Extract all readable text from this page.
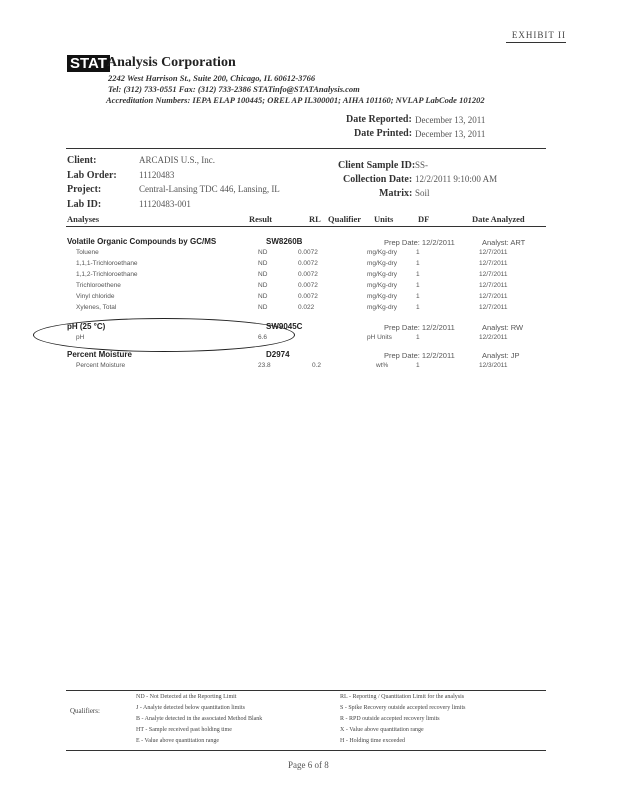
EXHIBIT II
STAT Analysis Corporation
2242 West Harrison St., Suite 200, Chicago, IL 60612-3766
Tel: (312) 733-0551 Fax: (312) 733-2386 STATinfo@STATAnalysis.com
Accreditation Numbers: IEPA ELAP 100445; OREL AP IL300001; AIHA 101160; NVLAP LabCode 101202
Date Reported: December 13, 2011
Date Printed: December 13, 2011
Client:	ARCADIS U.S., Inc.
Lab Order: 11120483
Project:	Central-Lansing TDC 446, Lansing, IL
Lab ID:	11120483-001
Client Sample ID: SS-
Collection Date: 12/2/2011 9:10:00 AM
Matrix: Soil
Analyses	Result	RL Qualifier Units	DF	Date Analyzed
Volatile Organic Compounds by GC/MS	SW8260B	Prep Date: 12/2/2011	Analyst: ART
Toluene	ND	0.0072	mg/Kg-dry	1	12/7/2011
1,1,1-Trichloroethane	ND	0.0072	mg/Kg-dry	1	12/7/2011
1,1,2-Trichloroethane	ND	0.0072	mg/Kg-dry	1	12/7/2011
Trichloroethene	ND	0.0072	mg/Kg-dry	1	12/7/2011
Vinyl chloride	ND	0.0072	mg/Kg-dry	1	12/7/2011
Xylenes, Total	ND	0.022	mg/Kg-dry	1	12/7/2011
pH (25 °C)	SW9045C	Prep Date: 12/2/2011	Analyst: RW
pH	6.6	pH Units	1	12/2/2011
Percent Moisture	D2974	Prep Date: 12/2/2011	Analyst: JP
Percent Moisture	23.8	0.2	wt%	1	12/3/2011
Qualifiers:
ND - Not Detected at the Reporting Limit
J - Analyte detected below quantitation limits
B - Analyte detected in the associated Method Blank
HT - Sample received past holding time
E - Value above quantitation range
RL - Reporting / Quantitation Limit for the analysis
S - Spike Recovery outside accepted recovery limits
R - RPD outside accepted recovery limits
X - Value above quantitation range
H - Holding time exceeded
Page 6 of 8
